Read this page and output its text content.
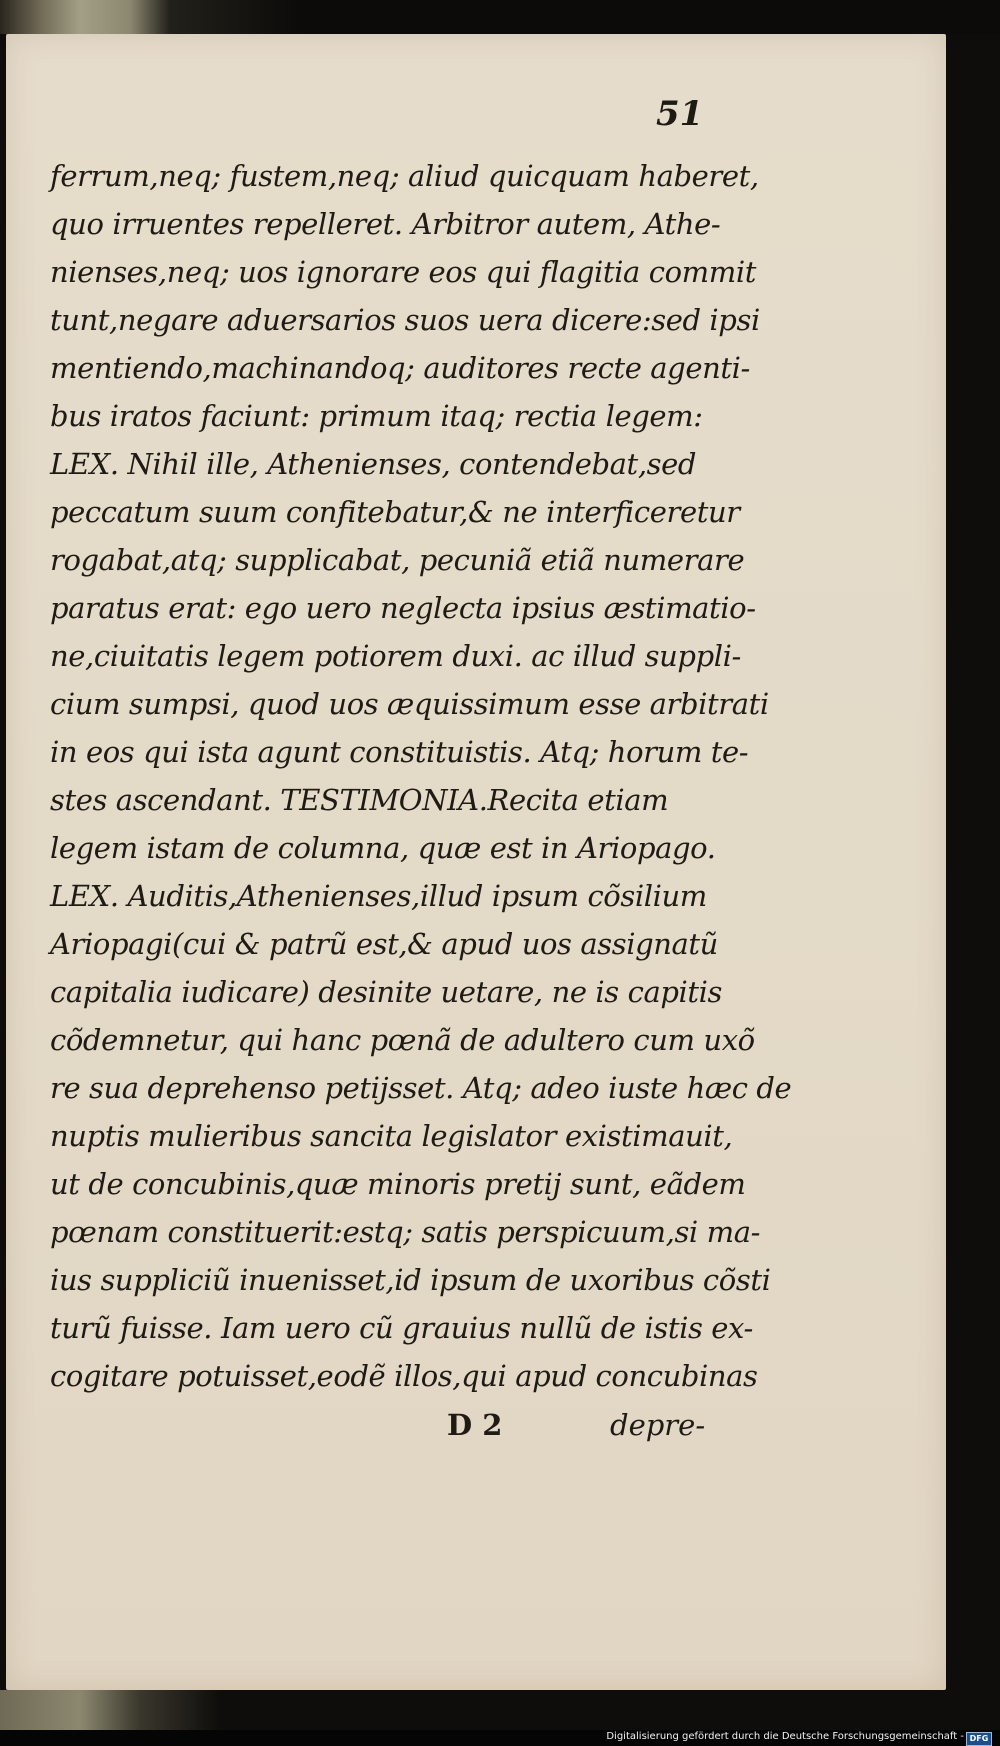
51
ferrum,neq; fustem,neq; aliud quicquam haberet,
quo irruentes repelleret. Arbitror autem, Athe-
nienses,neq; uos ignorare eos qui flagitia commit
tunt,negare aduersarios suos uera dicere:sed ipsi
mentiendo,machinandoq; auditores recte agenti-
bus iratos faciunt: primum itaq; rectia legem:
LEX. Nihil ille, Athenienses, contendebat,sed
peccatum suum confitebatur,& ne interficeretur
rogabat,atq; supplicabat, pecuniã etiã numerare
paratus erat: ego uero neglecta ipsius æstimatio-
ne,ciuitatis legem potiorem duxi. ac illud suppli-
cium sumpsi, quod uos æquissimum esse arbitrati
in eos qui ista agunt constituistis. Atq; horum te-
stes ascendant. TESTIMONIA.Recita etiam
legem istam de columna, quæ est in Ariopago.
LEX. Auditis,Athenienses,illud ipsum cõsilium
Ariopagi(cui & patrũ est,& apud uos assignatũ
capitalia iudicare) desinite uetare, ne is capitis
cõdemnetur, qui hanc pœnã de adultero cum uxõ
re sua deprehenso petijsset. Atq; adeo iuste hæc de
nuptis mulieribus sancita legislator existimauit,
ut de concubinis,quæ minoris pretij sunt, eãdem
pœnam constituerit:estq; satis perspicuum,si ma-
ius suppliciũ inuenisset,id ipsum de uxoribus cõsti
turũ fuisse. Iam uero cũ grauius nullũ de istis ex-
cogitare potuisset,eodẽ illos,qui apud concubinas
D 2	depre-
Digitalisierung gefördert durch die Deutsche Forschungsgemeinschaft - DFG
